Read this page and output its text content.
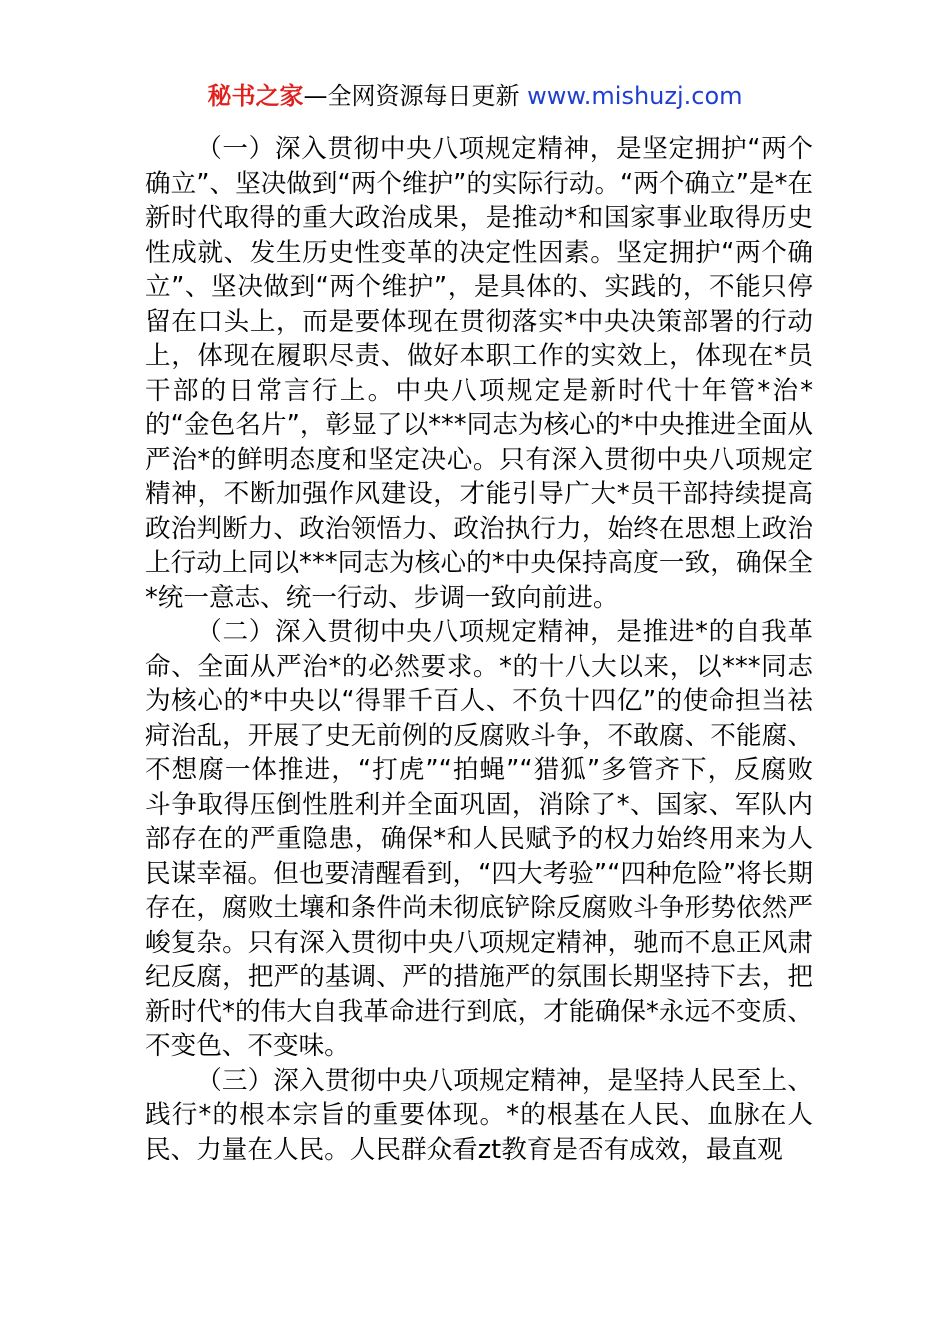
秘书之家—全网资源每日更新 www.mishuzj.com

（一）深入贯彻中央八项规定精神，是坚定拥护“两个确立”、坚决做到“两个维护”的实际行动。“两个确立”是*在新时代取得的重大政治成果，是推动*和国家事业取得历史性成就、发生历史性变革的决定性因素。坚定拥护“两个确立”、坚决做到“两个维护”，是具体的、实践的，不能只停留在口头上，而是要体现在贯彻落实*中央决策部署的行动上，体现在履职尽责、做好本职工作的实效上，体现在*员干部的日常言行上。中央八项规定是新时代十年管*治*的“金色名片”，彰显了以***同志为核心的*中央推进全面从严治*的鲜明态度和坚定决心。只有深入贯彻中央八项规定精神，不断加强作风建设，才能引导广大*员干部持续提高政治判断力、政治领悟力、政治执行力，始终在思想上政治上行动上同以***同志为核心的*中央保持高度一致，确保全*统一意志、统一行动、步调一致向前进。

（二）深入贯彻中央八项规定精神，是推进*的自我革命、全面从严治*的必然要求。*的十八大以来，以***同志为核心的*中央以“得罪千百人、不负十四亿”的使命担当祛疴治乱，开展了史无前例的反腐败斗争，不敢腐、不能腐、不想腐一体推进，“打虎”“拍蝇”“猎狐”多管齐下，反腐败斗争取得压倒性胜利并全面巩固，消除了*、国家、军队内部存在的严重隐患，确保*和人民赋予的权力始终用来为人民谋幸福。但也要清醒看到，“四大考验”“四种危险”将长期存在，腐败土壤和条件尚未彻底铲除反腐败斗争形势依然严峻复杂。只有深入贯彻中央八项规定精神，驰而不息正风肃纪反腐，把严的基调、严的措施严的氛围长期坚持下去，把新时代*的伟大自我革命进行到底，才能确保*永远不变质、不变色、不变味。

（三）深入贯彻中央八项规定精神，是坚持人民至上、践行*的根本宗旨的重要体现。*的根基在人民、血脉在人民、力量在人民。人民群众看zt教育是否有成效，最直观
